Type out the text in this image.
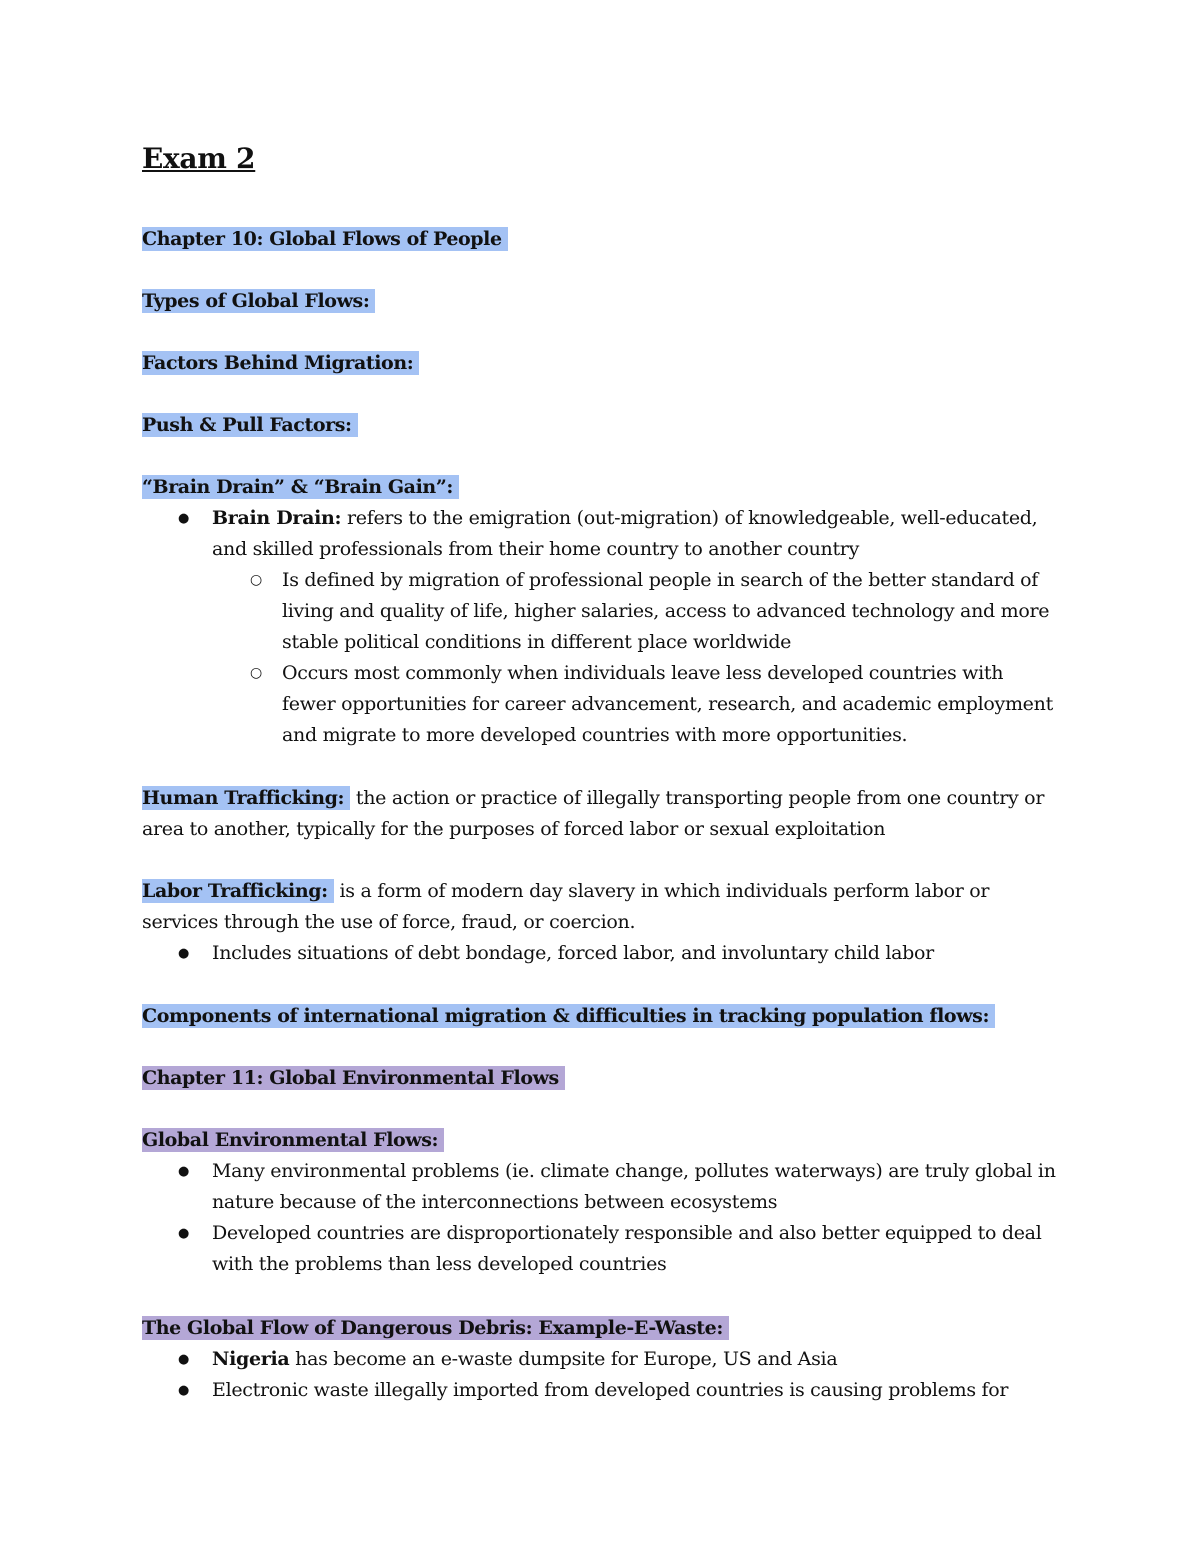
Exam 2
Chapter 10: Global Flows of People
Types of Global Flows:
Factors Behind Migration:
Push & Pull Factors:
“Brain Drain” & “Brain Gain”:
● Brain Drain: refers to the emigration (out-migration) of knowledgeable, well-educated, and skilled professionals from their home country to another country
○ Is defined by migration of professional people in search of the better standard of living and quality of life, higher salaries, access to advanced technology and more stable political conditions in different place worldwide
○ Occurs most commonly when individuals leave less developed countries with fewer opportunities for career advancement, research, and academic employment and migrate to more developed countries with more opportunities.
Human Trafficking: the action or practice of illegally transporting people from one country or area to another, typically for the purposes of forced labor or sexual exploitation
Labor Trafficking: is a form of modern day slavery in which individuals perform labor or services through the use of force, fraud, or coercion.
● Includes situations of debt bondage, forced labor, and involuntary child labor
Components of international migration & difficulties in tracking population flows:
Chapter 11: Global Environmental Flows
Global Environmental Flows:
● Many environmental problems (ie. climate change, pollutes waterways) are truly global in nature because of the interconnections between ecosystems
● Developed countries are disproportionately responsible and also better equipped to deal with the problems than less developed countries
The Global Flow of Dangerous Debris: Example-E-Waste:
● Nigeria has become an e-waste dumpsite for Europe, US and Asia
● Electronic waste illegally imported from developed countries is causing problems for
